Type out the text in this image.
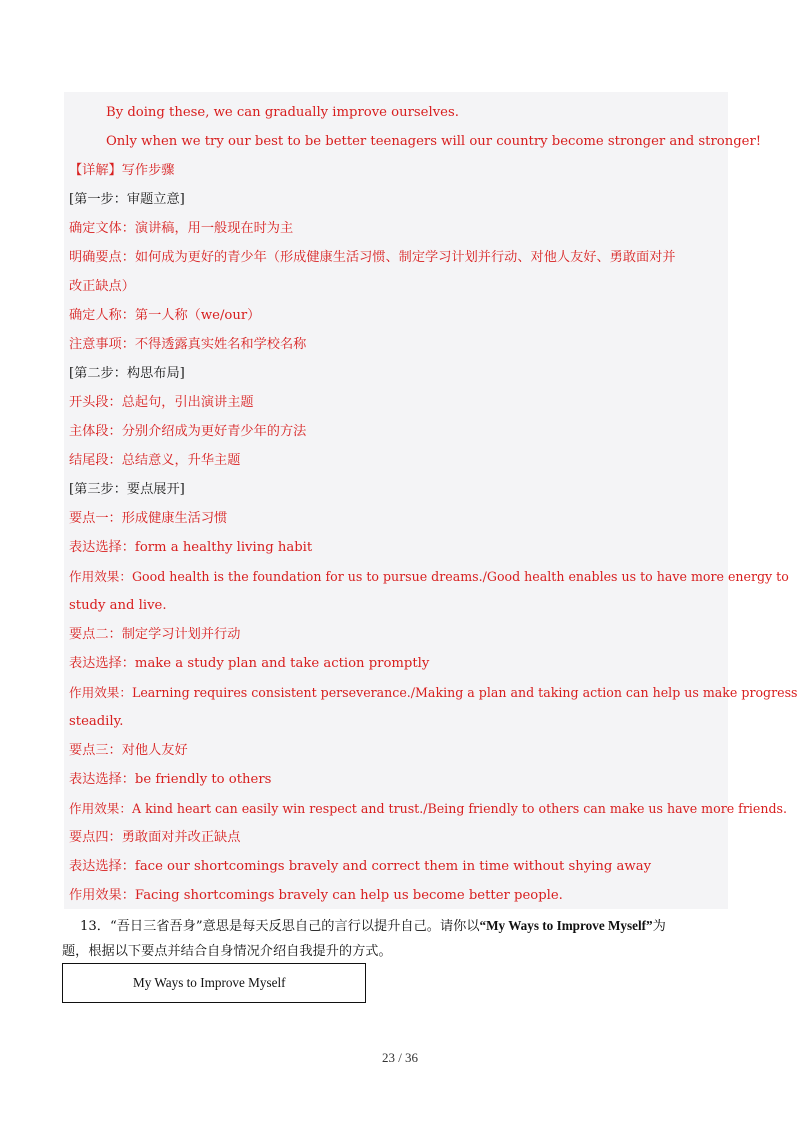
By doing these, we can gradually improve ourselves.
Only when we try our best to be better teenagers will our country become stronger and stronger!
【详解】写作步骤
[第一步：审题立意]
确定文体：演讲稿，用一般现在时为主
明确要点：如何成为更好的青少年（形成健康生活习惯、制定学习计划并行动、对他人友好、勇敢面对并
改正缺点）
确定人称：第一人称（we/our）
注意事项：不得透露真实姓名和学校名称
[第二步：构思布局]
开头段：总起句，引出演讲主题
主体段：分别介绍成为更好青少年的方法
结尾段：总结意义，升华主题
[第三步：要点展开]
要点一：形成健康生活习惯
表达选择：form a healthy living habit
作用效果：Good health is the foundation for us to pursue dreams./Good health enables us to have more energy to
study and live.
要点二：制定学习计划并行动
表达选择：make a study plan and take action promptly
作用效果：Learning requires consistent perseverance./Making a plan and taking action can help us make progress
steadily.
要点三：对他人友好
表达选择：be friendly to others
作用效果：A kind heart can easily win respect and trust./Being friendly to others can make us have more friends.
要点四：勇敢面对并改正缺点
表达选择：face our shortcomings bravely and correct them in time without shying away
作用效果：Facing shortcomings bravely can help us become better people.
13．“吾日三省吾身”意思是每天反思自己的言行以提升自己。请你以“My Ways to Improve Myself”为
题，根据以下要点并结合自身情况介绍自我提升的方式。
My Ways to Improve Myself
23 / 36
